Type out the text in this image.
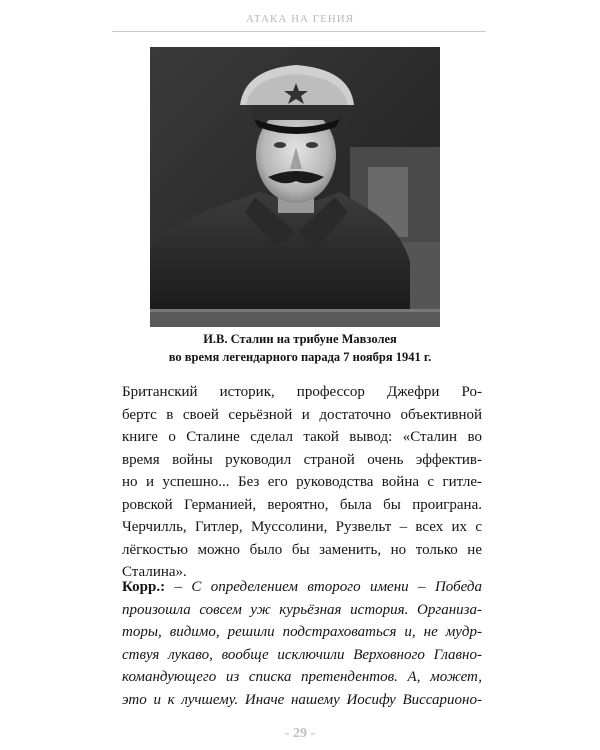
АТАКА НА ГЕНИЯ
И.В. Сталин на трибуне Мавзолея
во время легендарного парада 7 ноября 1941 г.
Британский историк, профессор Джефри Ро-
бертс в своей серьёзной и достаточно объективной
книге о Сталине сделал такой вывод: «Сталин во
время войны руководил страной очень эффектив-
но и успешно... Без его руководства война с гитле-
ровской Германией, вероятно, была бы проиграна.
Черчилль, Гитлер, Муссолини, Рузвельт – всех их с
лёгкостью можно было бы заменить, но только не
Сталина».
Корр.: – С определением второго имени – Победа
произошла совсем уж курьёзная история. Организа-
торы, видимо, решили подстраховаться и, не мудр-
ствуя лукаво, вообще исключили Верховного Главно-
командующего из списка претендентов. А, может,
это и к лучшему. Иначе нашему Иосифу Виссарионо-
- 29 -
